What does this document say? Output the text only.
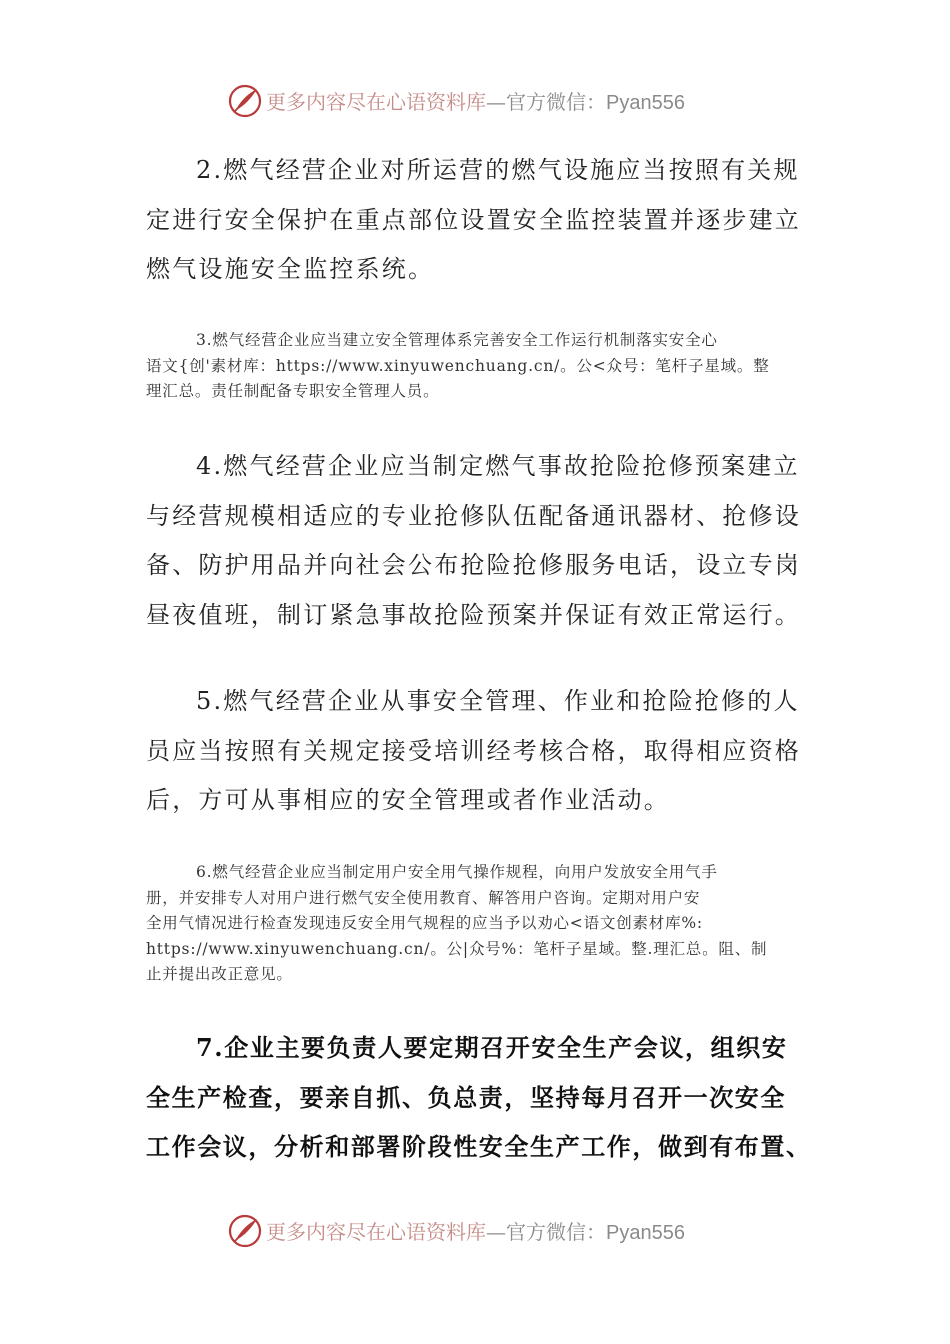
更多内容尽在心语资料库—官方微信：Pyan556
2.燃气经营企业对所运营的燃气设施应当按照有关规
定进行安全保护在重点部位设置安全监控装置并逐步建立
燃气设施安全监控系统。
3.燃气经营企业应当建立安全管理体系完善安全工作运行机制落实安全心
语文{创'素材库：https://www.xinyuwenchuang.cn/。公<众号：笔杆子星域。整
理汇总。责任制配备专职安全管理人员。
4.燃气经营企业应当制定燃气事故抢险抢修预案建立
与经营规模相适应的专业抢修队伍配备通讯器材、抢修设
备、防护用品并向社会公布抢险抢修服务电话，设立专岗
昼夜值班，制订紧急事故抢险预案并保证有效正常运行。
5.燃气经营企业从事安全管理、作业和抢险抢修的人
员应当按照有关规定接受培训经考核合格，取得相应资格
后，方可从事相应的安全管理或者作业活动。
6.燃气经营企业应当制定用户安全用气操作规程，向用户发放安全用气手
册，并安排专人对用户进行燃气安全使用教育、解答用户咨询。定期对用户安
全用气情况进行检查发现违反安全用气规程的应当予以劝心<语文创素材库%:
https://www.xinyuwenchuang.cn/。公|众号%：笔杆子星域。整.理汇总。阻、制
止并提出改正意见。
7.企业主要负责人要定期召开安全生产会议，组织安
全生产检查，要亲自抓、负总责，坚持每月召开一次安全
工作会议，分析和部署阶段性安全生产工作，做到有布置、
更多内容尽在心语资料库—官方微信：Pyan556
